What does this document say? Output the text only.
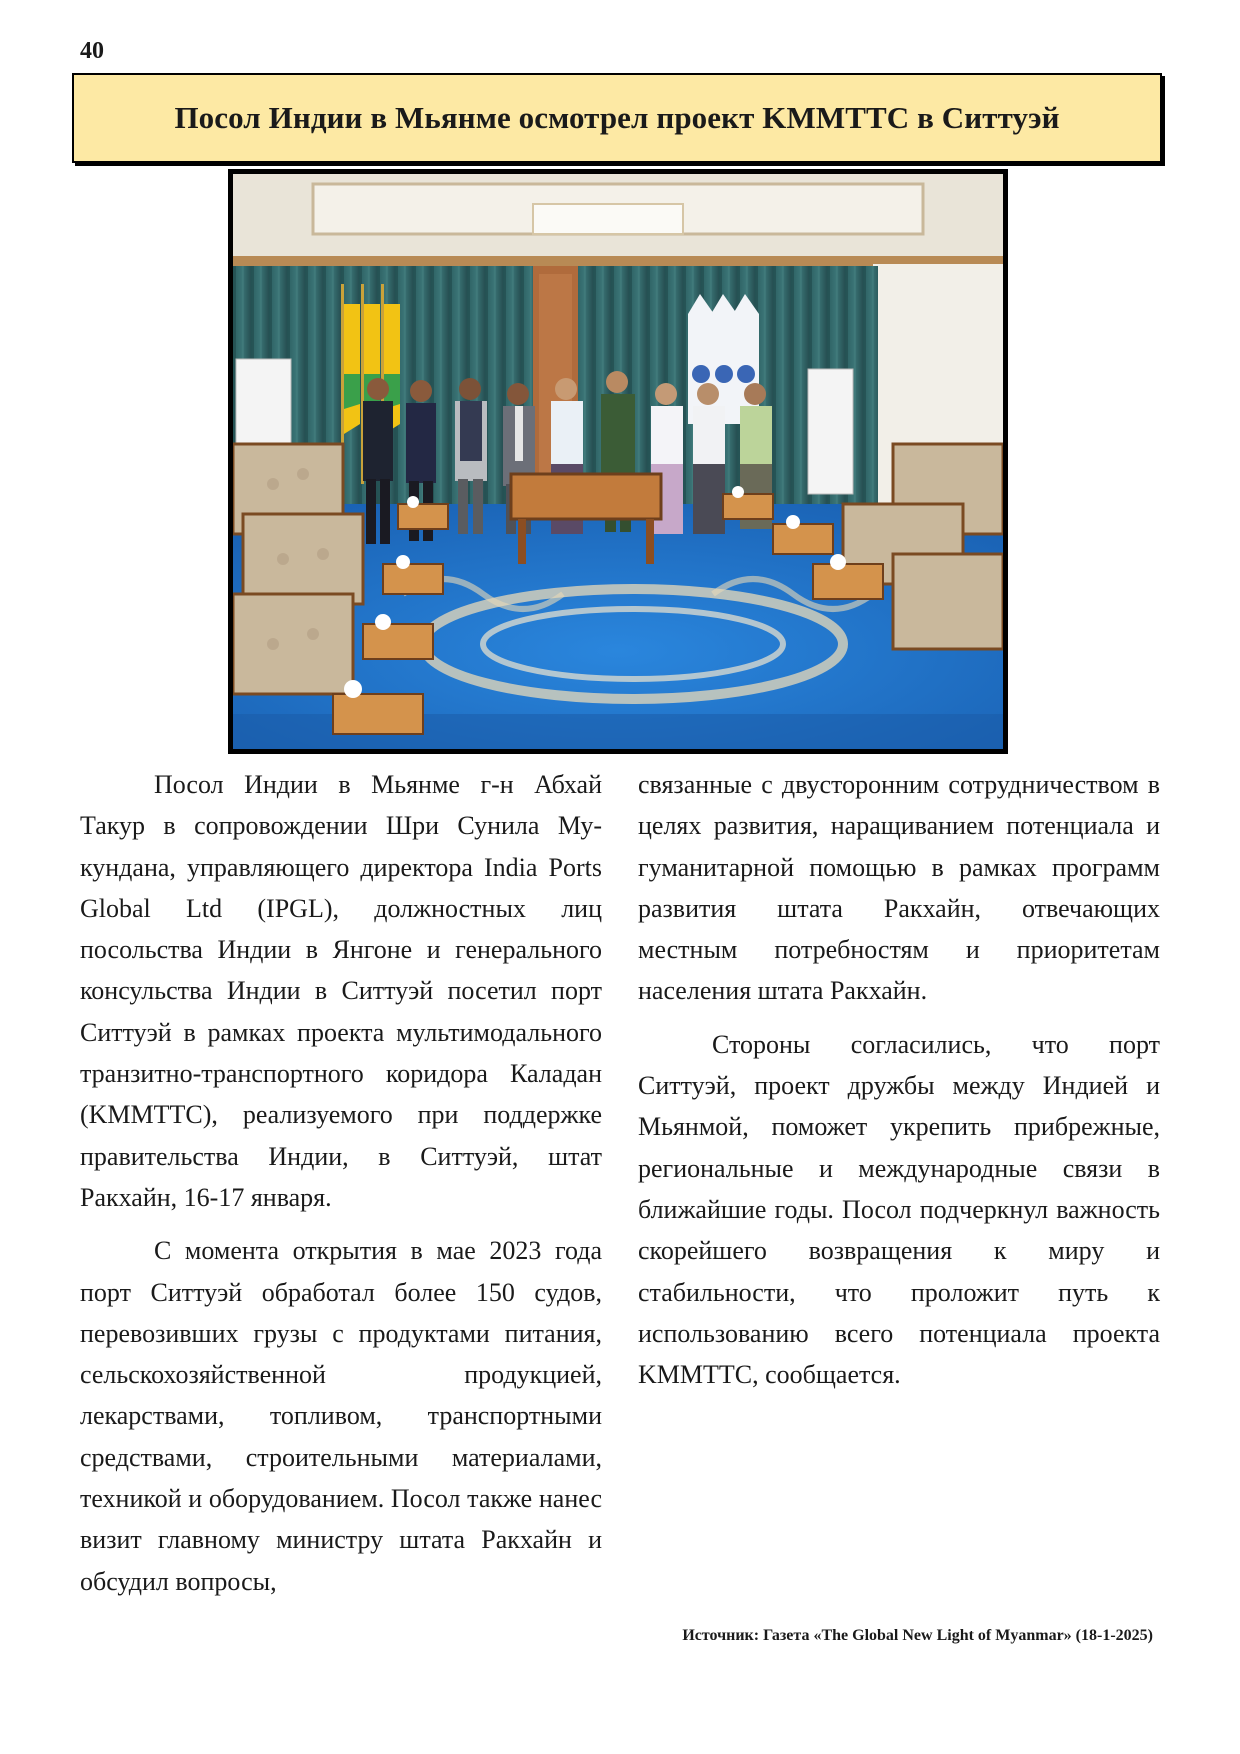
40
Посол Индии в Мьянме осмотрел проект KMMTTC в Ситтуэй

Посол Индии в Мьянме г-н Абхай Такур в сопровождении Шри Сунила Мукундана, управляющего директора India Ports Global Ltd (IPGL), должностных лиц посольства Индии в Янгоне и генерального консульства Индии в Ситтуэй посетил порт Ситтуэй в рамках проекта мультимодального транзитно-транспортного коридора Каладан (KMMTTC), реализуемого при поддержке правительства Индии, в Ситтуэй, штат Ракхайн, 16-17 января.

С момента открытия в мае 2023 года порт Ситтуэй обработал более 150 судов, перевозивших грузы с продуктами питания, сельскохозяйственной продукцией, лекарствами, топливом, транспортными средствами, строительными материалами, техникой и оборудованием. Посол также нанес визит главному министру штата Ракхайн и обсудил вопросы,

связанные с двусторонним сотрудничеством в целях развития, наращиванием потенциала и гуманитарной помощью в рамках программ развития штата Ракхайн, отвечающих местным потребностям и приоритетам населения штата Ракхайн.

Стороны согласились, что порт Ситтуэй, проект дружбы между Индией и Мьянмой, поможет укрепить прибрежные, региональные и международные связи в ближайшие годы. Посол подчеркнул важность скорейшего возвращения к миру и стабильности, что проложит путь к использованию всего потенциала проекта KMMTTC, сообщается.

Источник: Газета «The Global New Light of Myanmar» (18-1-2025)
